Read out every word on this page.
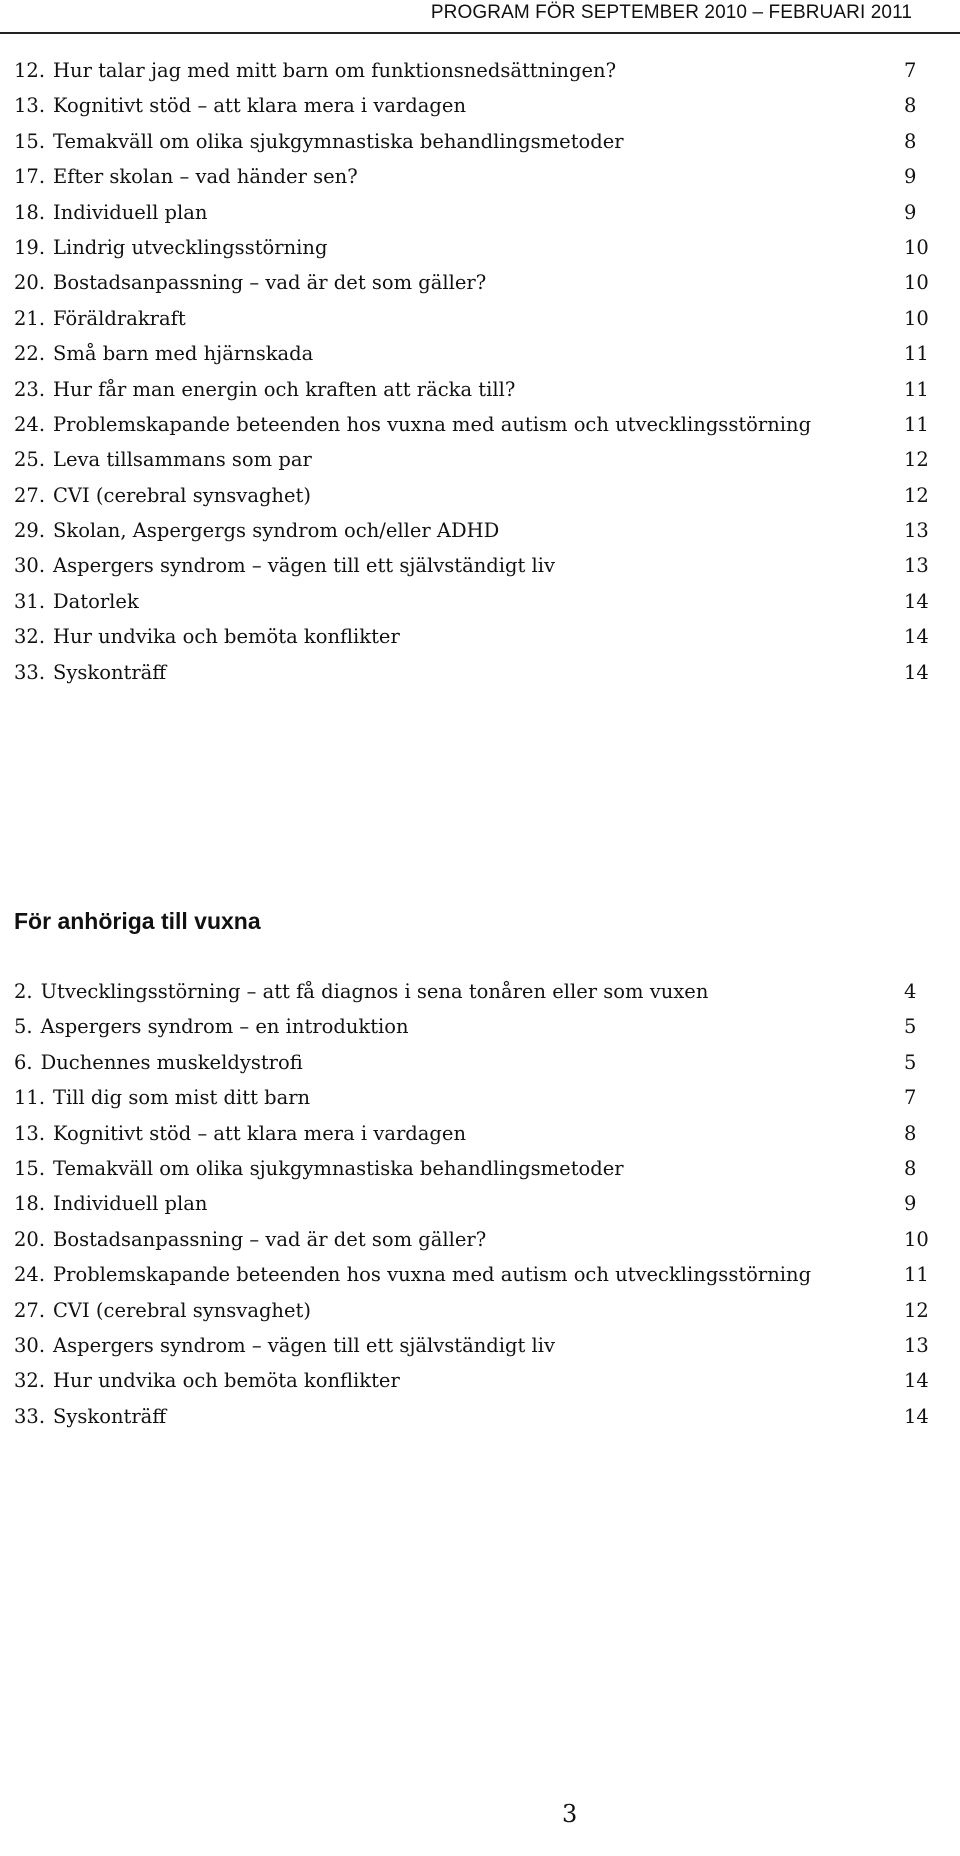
PROGRAM FÖR SEPTEMBER 2010 – FEBRUARI 2011
12. Hur talar jag med mitt barn om funktionsnedsättningen?	7
13. Kognitivt stöd – att klara mera i vardagen	8
15. Temakväll om olika sjukgymnastiska behandlingsmetoder	8
17. Efter skolan – vad händer sen?	9
18. Individuell plan	9
19. Lindrig utvecklingsstörning	10
20. Bostadsanpassning – vad är det som gäller?	10
21. Föräldrakraft	10
22. Små barn med hjärnskada	11
23. Hur får man energin och kraften att räcka till?	11
24. Problemskapande beteenden hos vuxna med autism och utvecklingsstörning	11
25. Leva tillsammans som par	12
27. CVI (cerebral synsvaghet)	12
29. Skolan, Aspergergs syndrom och/eller ADHD	13
30. Aspergers syndrom – vägen till ett självständigt liv	13
31. Datorlek	14
32. Hur undvika och bemöta konflikter	14
33. Syskonträff	14
För anhöriga till vuxna
2. Utvecklingsstörning – att få diagnos i sena tonåren eller som vuxen	4
5. Aspergers syndrom – en introduktion	5
6. Duchennes muskeldystrofi	5
11. Till dig som mist ditt barn	7
13. Kognitivt stöd – att klara mera i vardagen	8
15. Temakväll om olika sjukgymnastiska behandlingsmetoder	8
18. Individuell plan	9
20. Bostadsanpassning – vad är det som gäller?	10
24. Problemskapande beteenden hos vuxna med autism och utvecklingsstörning	11
27. CVI (cerebral synsvaghet)	12
30. Aspergers syndrom – vägen till ett självständigt liv	13
32. Hur undvika och bemöta konflikter	14
33. Syskonträff	14
3
